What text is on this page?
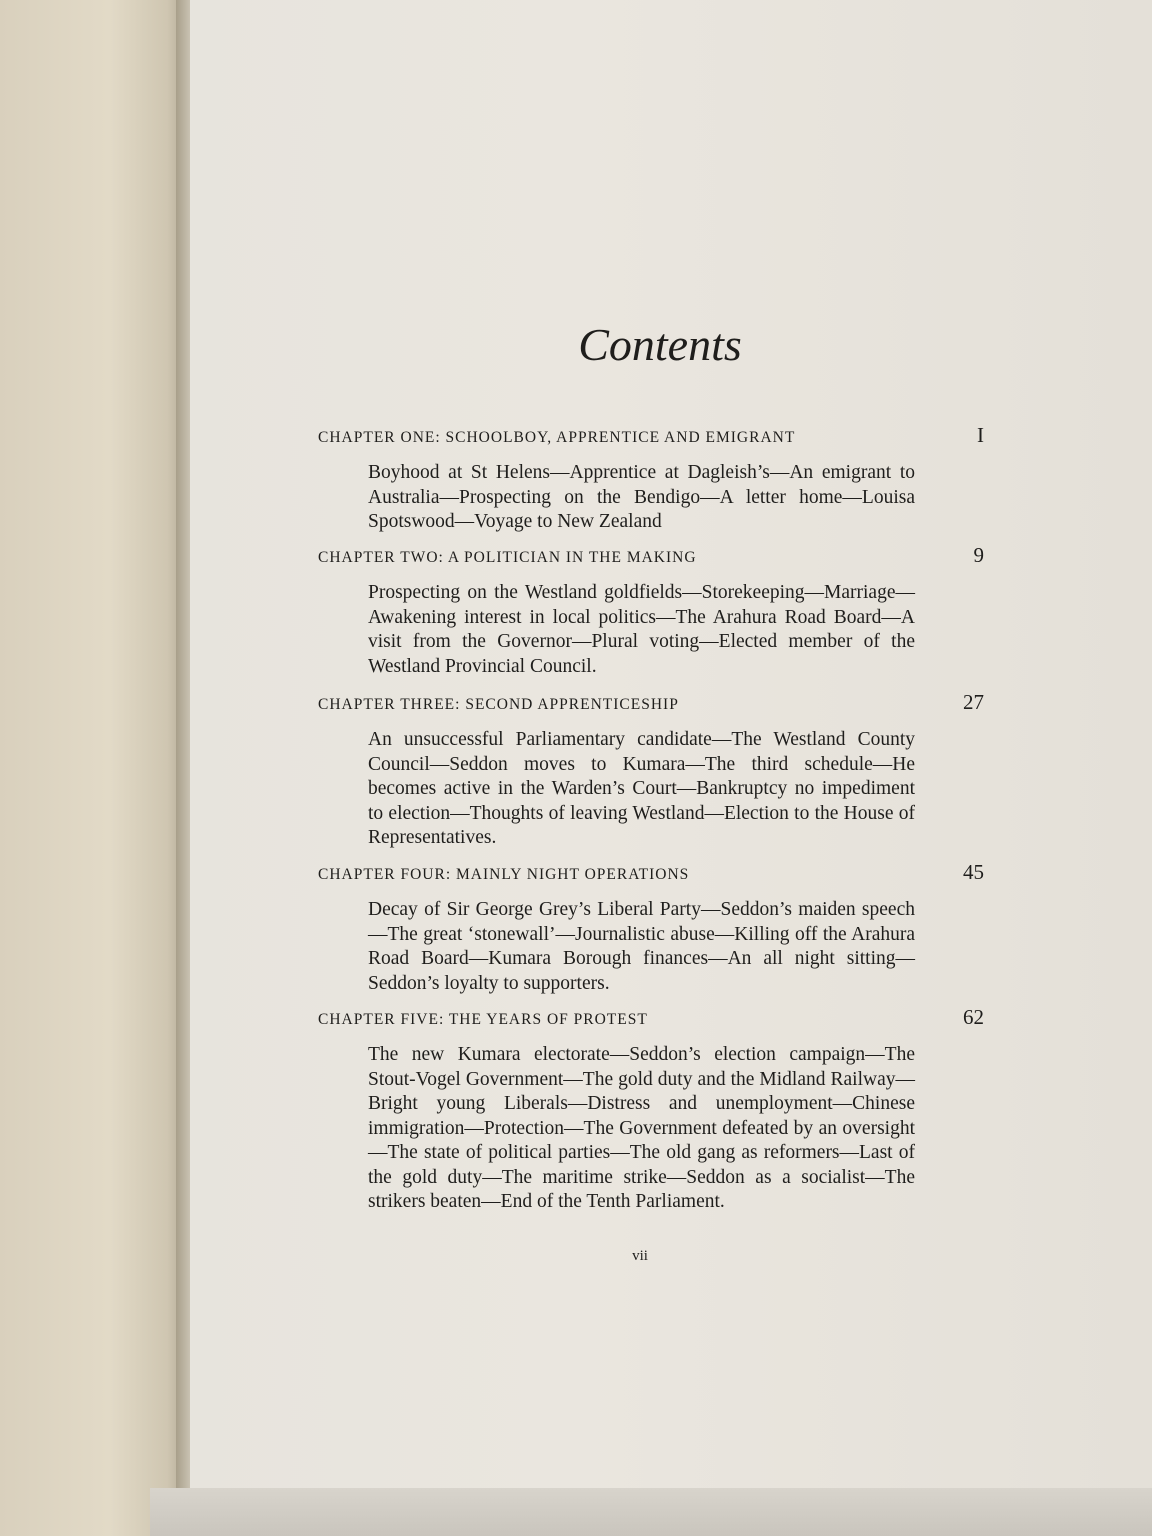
Contents
CHAPTER ONE: SCHOOLBOY, APPRENTICE AND EMIGRANT	I
Boyhood at St Helens—Apprentice at Dagleish’s—An emigrant to Australia—Prospecting on the Bendigo—A letter home—Louisa Spotswood—Voyage to New Zealand
CHAPTER TWO: A POLITICIAN IN THE MAKING	9
Prospecting on the Westland goldfields—Storekeeping—Marriage—Awakening interest in local politics—The Arahura Road Board—A visit from the Governor—Plural voting—Elected member of the Westland Provincial Council.
CHAPTER THREE: SECOND APPRENTICESHIP	27
An unsuccessful Parliamentary candidate—The Westland County Council—Seddon moves to Kumara—The third schedule—He becomes active in the Warden’s Court—Bankruptcy no impediment to election—Thoughts of leaving Westland—Election to the House of Representatives.
CHAPTER FOUR: MAINLY NIGHT OPERATIONS	45
Decay of Sir George Grey’s Liberal Party—Seddon’s maiden speech—The great ‘stonewall’—Journalistic abuse—Killing off the Arahura Road Board—Kumara Borough finances—An all night sitting—Seddon’s loyalty to supporters.
CHAPTER FIVE: THE YEARS OF PROTEST	62
The new Kumara electorate—Seddon’s election campaign—The Stout-Vogel Government—The gold duty and the Midland Railway—Bright young Liberals—Distress and unemployment—Chinese immigration—Protection—The Government defeated by an oversight—The state of political parties—The old gang as reformers—Last of the gold duty—The maritime strike—Seddon as a socialist—The strikers beaten—End of the Tenth Parliament.
vii
